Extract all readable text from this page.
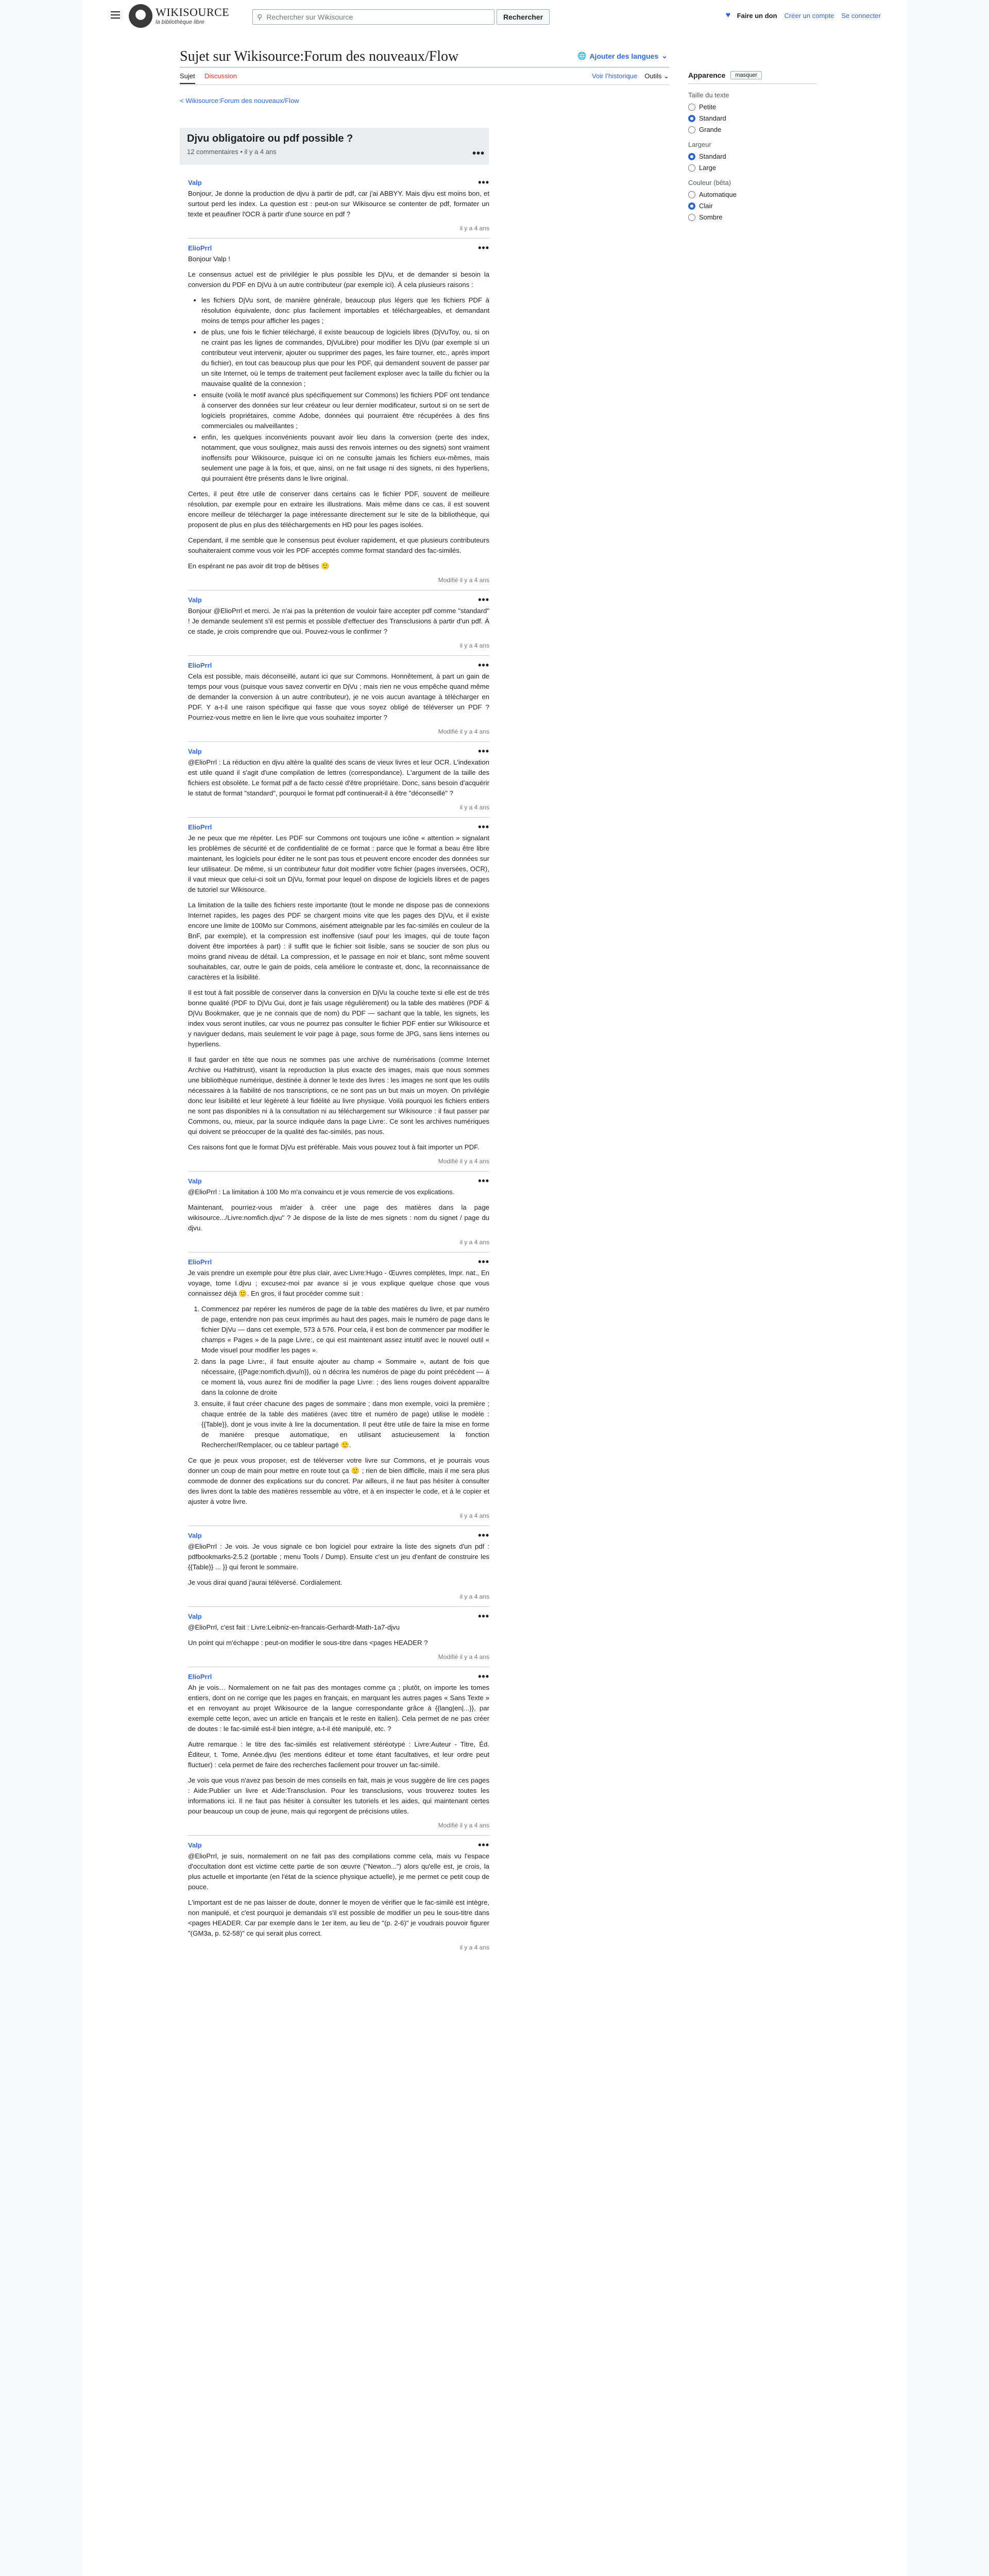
WIKISOURCE
la bibliothèque libre
⚲ Rechercher sur Wikisource	Rechercher	♥ Faire un don Créer un compte Se connecter
Sujet sur Wikisource:Forum des nouveaux/Flow	🌐 Ajouter des langues ⌄
Sujet Discussion	Voir l’historique Outils ⌄
< Wikisource:Forum des nouveaux/Flow
Apparence	masquer
Taille du texte
Petite
Standard
Grande
Largeur
Standard
Large
Couleur (bêta)
Automatique
Clair
Sombre
Djvu obligatoire ou pdf possible ?
12 commentaires • il y a 4 ans	•••
Valp	•••

Bonjour, Je donne la production de djvu à partir de pdf, car j'ai ABBYY. Mais djvu est moins bon, et surtout perd les index. La question est : peut-on sur Wikisource se contenter de pdf, formater un texte et peaufiner l'OCR à partir d'une source en pdf ?

il y a 4 ans
ElioPrrl	•••

Bonjour Valp !

Le consensus actuel est de privilégier le plus possible les DjVu, et de demander si besoin la conversion du PDF en DjVu à un autre contributeur (par exemple ici). À cela plusieurs raisons :

• les fichiers DjVu sont, de manière générale, beaucoup plus légers que les fichiers PDF à résolution équivalente, donc plus facilement importables et téléchargeables, et demandant moins de temps pour afficher les pages ;
• de plus, une fois le fichier téléchargé, il existe beaucoup de logiciels libres (DjVuToy, ou, si on ne craint pas les lignes de commandes, DjVuLibre) pour modifier les DjVu (par exemple si un contributeur veut intervenir, ajouter ou supprimer des pages, les faire tourner, etc., après import du fichier), en tout cas beaucoup plus que pour les PDF, qui demandent souvent de passer par un site Internet, où le temps de traitement peut facilement exploser avec la taille du fichier ou la mauvaise qualité de la connexion ;
• ensuite (voilà le motif avancé plus spécifiquement sur Commons) les fichiers PDF ont tendance à conserver des données sur leur créateur ou leur dernier modificateur, surtout si on se sert de logiciels propriétaires, comme Adobe, données qui pourraient être récupérées à des fins commerciales ou malveillantes ;
• enfin, les quelques inconvénients pouvant avoir lieu dans la conversion (perte des index, notamment, que vous soulignez, mais aussi des renvois internes ou des signets) sont vraiment inoffensifs pour Wikisource, puisque ici on ne consulte jamais les fichiers eux-mêmes, mais seulement une page à la fois, et que, ainsi, on ne fait usage ni des signets, ni des hyperliens, qui pourraient être présents dans le livre original.

Certes, il peut être utile de conserver dans certains cas le fichier PDF, souvent de meilleure résolution, par exemple pour en extraire les illustrations. Mais même dans ce cas, il est souvent encore meilleur de télécharger la page intéressante directement sur le site de la bibliothèque, qui proposent de plus en plus des téléchargements en HD pour les pages isolées.

Cependant, il me semble que le consensus peut évoluer rapidement, et que plusieurs contributeurs souhaiteraient comme vous voir les PDF acceptés comme format standard des fac-similés.

En espérant ne pas avoir dit trop de bêtises 🙂

Modifié il y a 4 ans
Valp	•••

Bonjour @ElioPrrl et merci. Je n'ai pas la prétention de vouloir faire accepter pdf comme "standard" ! Je demande seulement s'il est permis et possible d'effectuer des Transclusions à partir d'un pdf. À ce stade, je crois comprendre que oui. Pouvez-vous le confirmer ?

il y a 4 ans
ElioPrrl	•••

Cela est possible, mais déconseillé, autant ici que sur Commons. Honnêtement, à part un gain de temps pour vous (puisque vous savez convertir en DjVu ; mais rien ne vous empêche quand même de demander la conversion à un autre contributeur), je ne vois aucun avantage à télécharger en PDF. Y a-t-il une raison spécifique qui fasse que vous soyez obligé de téléverser un PDF ? Pourriez-vous mettre en lien le livre que vous souhaitez importer ?

Modifié il y a 4 ans
Valp	•••

@ElioPrrl : La réduction en djvu altère la qualité des scans de vieux livres et leur OCR. L'indexation est utile quand il s'agit d'une compilation de lettres (correspondance). L'argument de la taille des fichiers est obsolète. Le format pdf a de facto cessé d'être propriétaire. Donc, sans besoin d'acquérir le statut de format "standard", pourquoi le format pdf continuerait-il à être "déconseillé" ?

il y a 4 ans
ElioPrrl	•••

Je ne peux que me répéter. Les PDF sur Commons ont toujours une icône « attention » signalant les problèmes de sécurité et de confidentialité de ce format : parce que le format a beau être libre maintenant, les logiciels pour éditer ne le sont pas tous et peuvent encore encoder des données sur leur utilisateur. De même, si un contributeur futur doit modifier votre fichier (pages inversées, OCR), il vaut mieux que celui-ci soit un DjVu, format pour lequel on dispose de logiciels libres et de pages de tutoriel sur Wikisource.

La limitation de la taille des fichiers reste importante (tout le monde ne dispose pas de connexions Internet rapides, les pages des PDF se chargent moins vite que les pages des DjVu, et il existe encore une limite de 100Mo sur Commons, aisément atteignable par les fac-similés en couleur de la BnF, par exemple), et la compression est inoffensive (sauf pour les images, qui de toute façon doivent être importées à part) : il suffit que le fichier soit lisible, sans se soucier de son plus ou moins grand niveau de détail. La compression, et le passage en noir et blanc, sont même souvent souhaitables, car, outre le gain de poids, cela améliore le contraste et, donc, la reconnaissance de caractères et la lisibilité.

Il est tout à fait possible de conserver dans la conversion en DjVu la couche texte si elle est de très bonne qualité (PDF to DjVu Gui, dont je fais usage régulièrement) ou la table des matières (PDF & DjVu Bookmaker, que je ne connais que de nom) du PDF — sachant que la table, les signets, les index vous seront inutiles, car vous ne pourrez pas consulter le fichier PDF entier sur Wikisource et y naviguer dedans, mais seulement le voir page à page, sous forme de JPG, sans liens internes ou hyperliens.

Il faut garder en tête que nous ne sommes pas une archive de numérisations (comme Internet Archive ou Hathitrust), visant la reproduction la plus exacte des images, mais que nous sommes une bibliothèque numérique, destinée à donner le texte des livres : les images ne sont que les outils nécessaires à la fiabilité de nos transcriptions, ce ne sont pas un but mais un moyen. On privilégie donc leur lisibilité et leur légèreté à leur fidélité au livre physique. Voilà pourquoi les fichiers entiers ne sont pas disponibles ni à la consultation ni au téléchargement sur Wikisource : il faut passer par Commons, ou, mieux, par la source indiquée dans la page Livre:. Ce sont les archives numériques qui doivent se préoccuper de la qualité des fac-similés, pas nous.

Ces raisons font que le format DjVu est préférable. Mais vous pouvez tout à fait importer un PDF.

Modifié il y a 4 ans
Valp	•••

@ElioPrrl : La limitation à 100 Mo m'a convaincu et je vous remercie de vos explications.

Maintenant, pourriez-vous m'aider à créer une page des matières dans la page wikisource.../Livre:nomfich.djvu" ? Je dispose de la liste de mes signets : nom du signet / page du djvu.

il y a 4 ans
ElioPrrl	•••

Je vais prendre un exemple pour être plus clair, avec Livre:Hugo - Œuvres complètes, Impr. nat., En voyage, tome I.djvu ; excusez-moi par avance si je vous explique quelque chose que vous connaissez déjà 🙂. En gros, il faut procéder comme suit :

1. Commencez par repérer les numéros de page de la table des matières du livre, et par numéro de page, entendre non pas ceux imprimés au haut des pages, mais le numéro de page dans le fichier DjVu — dans cet exemple, 573 à 576. Pour cela, il est bon de commencer par modifier le champs « Pages » de la page Livre:, ce qui est maintenant assez intuitif avec le nouvel outil « Mode visuel pour modifier les pages ».
2. dans la page Livre:, il faut ensuite ajouter au champ « Sommaire », autant de fois que nécessaire, {{Page:nomfich.djvu/n}}, où n décrira les numéros de page du point précédent — à ce moment là, vous aurez fini de modifier la page Livre: ; des liens rouges doivent apparaître dans la colonne de droite
3. ensuite, il faut créer chacune des pages de sommaire ; dans mon exemple, voici la première ; chaque entrée de la table des matières (avec titre et numéro de page) utilise le modèle : {{Table}}, dont je vous invite à lire la documentation. Il peut être utile de faire la mise en forme de manière presque automatique, en utilisant astucieusement la fonction Rechercher/Remplacer, ou ce tableur partagé 🙂.

Ce que je peux vous proposer, est de téléverser votre livre sur Commons, et je pourrais vous donner un coup de main pour mettre en route tout ça 🙂 ; rien de bien difficile, mais il me sera plus commode de donner des explications sur du concret. Par ailleurs, il ne faut pas hésiter à consulter des livres dont la table des matières ressemble au vôtre, et à en inspecter le code, et à le copier et ajuster à votre livre.

il y a 4 ans
Valp	•••

@ElioPrrl : Je vois. Je vous signale ce bon logiciel pour extraire la liste des signets d'un pdf : pdfbookmarks-2.5.2 (portable ; menu Tools / Dump). Ensuite c'est un jeu d'enfant de construire les {{Table}} ... }} qui feront le sommaire.

Je vous dirai quand j'aurai téléversé. Cordialement.

il y a 4 ans
Valp	•••

@ElioPrrl, c'est fait : Livre:Leibniz-en-francais-Gerhardt-Math-1a7-djvu

Un point qui m'échappe : peut-on modifier le sous-titre dans <pages HEADER ?

Modifié il y a 4 ans
ElioPrrl	•••

Ah je vois… Normalement on ne fait pas des montages comme ça ; plutôt, on importe les tomes entiers, dont on ne corrige que les pages en français, en marquant les autres pages « Sans Texte » et en renvoyant au projet Wikisource de la langue correspondante grâce à {{lang|en|...}}, par exemple cette leçon, avec un article en français et le reste en italien). Cela permet de ne pas créer de doutes : le fac-similé est-il bien intègre, a-t-il été manipulé, etc. ?

Autre remarque : le titre des fac-similés est relativement stéréotypé : Livre:Auteur - Titre, Éd. Éditeur, t. Tome, Année.djvu (les mentions éditeur et tome étant facultatives, et leur ordre peut fluctuer) : cela permet de faire des recherches facilement pour trouver un fac-similé.

Je vois que vous n'avez pas besoin de mes conseils en fait, mais je vous suggère de lire ces pages : Aide:Publier un livre et Aide:Transclusion. Pour les transclusions, vous trouverez toutes les informations ici. Il ne faut pas hésiter à consulter les tutoriels et les aides, qui maintenant certes pour beaucoup un coup de jeune, mais qui regorgent de précisions utiles.

Modifié il y a 4 ans
Valp	•••

@ElioPrrl, je suis, normalement on ne fait pas des compilations comme cela, mais vu l'espace d'occultation dont est victime cette partie de son œuvre ("Newton...") alors qu'elle est, je crois, la plus actuelle et importante (en l'état de la science physique actuelle), je me permet ce petit coup de pouce.

L'important est de ne pas laisser de doute, donner le moyen de vérifier que le fac-similé est intègre, non manipulé, et c'est pourquoi je demandais s'il est possible de modifier un peu le sous-titre dans <pages HEADER. Car par exemple dans le 1er item, au lieu de "(p. 2-6)" je voudrais pouvoir figurer "(GM3a, p. 52-58)" ce qui serait plus correct.

il y a 4 ans
